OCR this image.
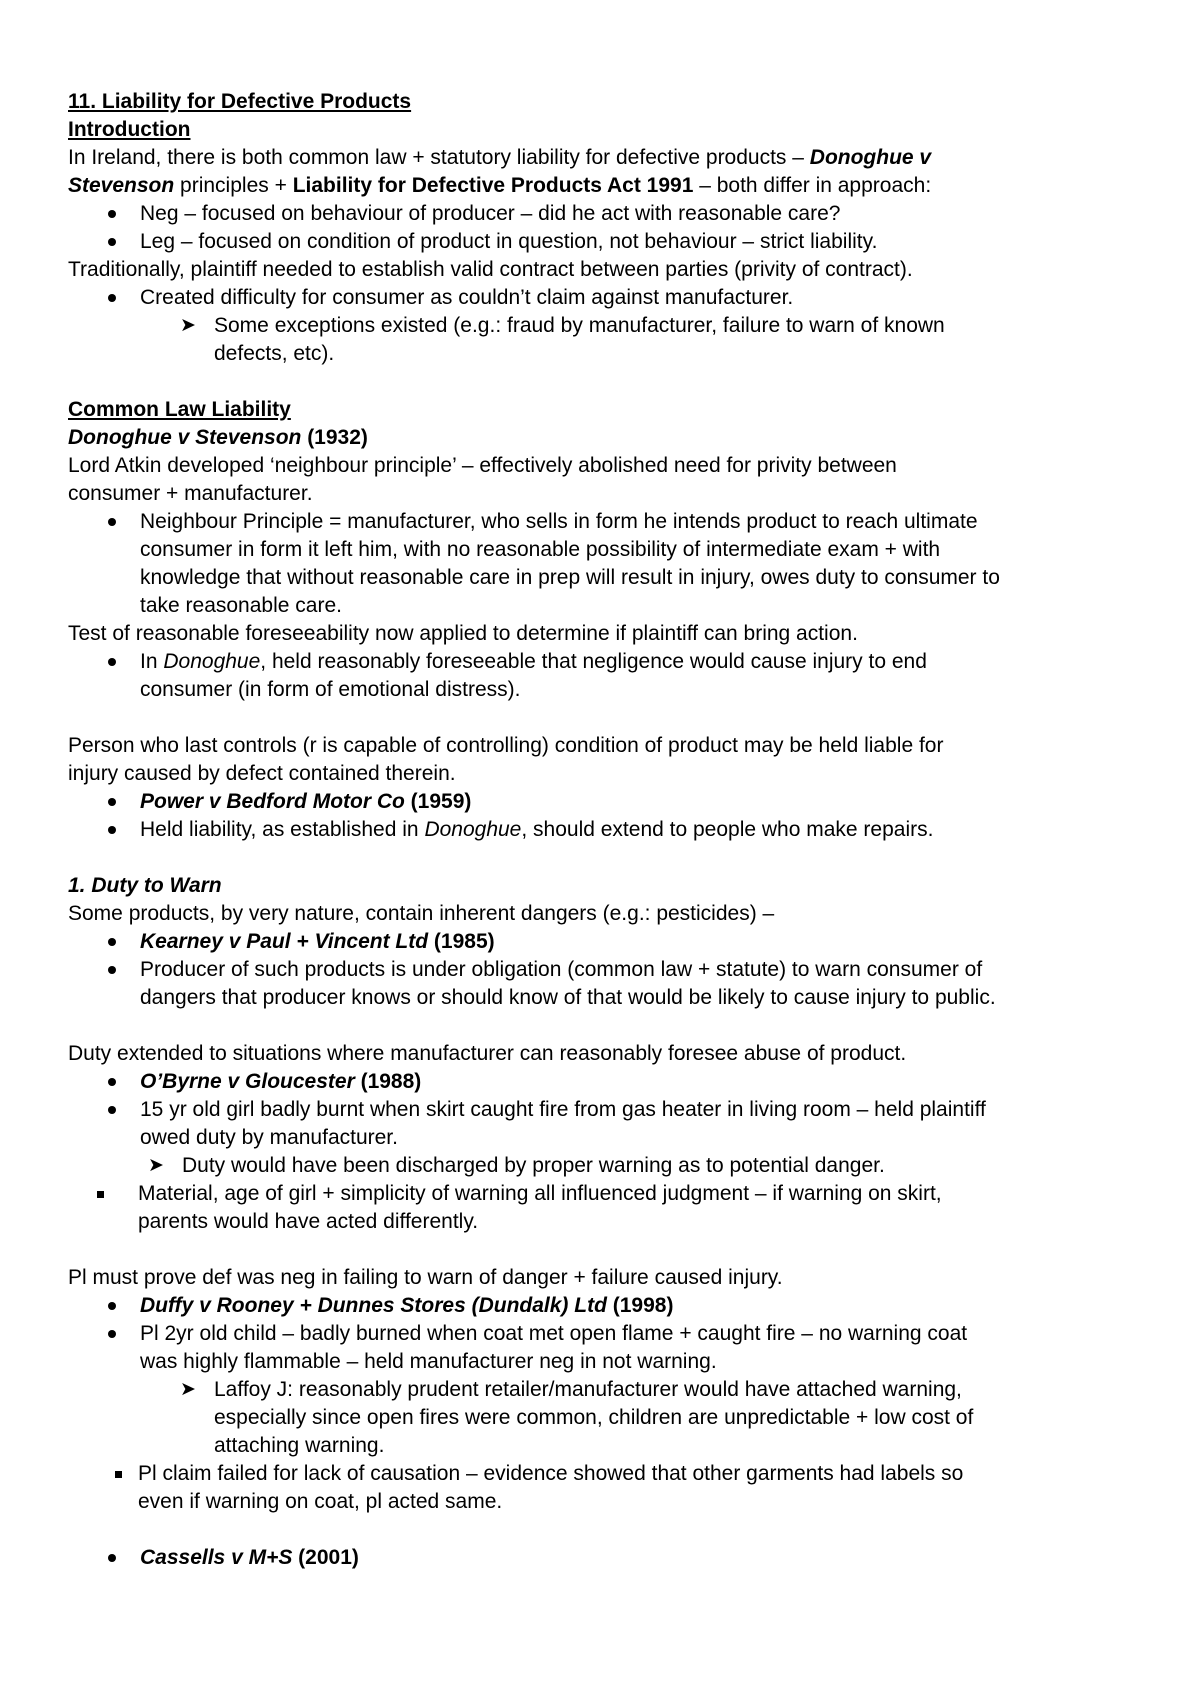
11. Liability for Defective Products

Introduction

In Ireland, there is both common law + statutory liability for defective products – Donoghue v

Stevenson principles + Liability for Defective Products Act 1991 – both differ in approach:

Neg – focused on behaviour of producer – did he act with reasonable care?
Leg – focused on condition of product in question, not behaviour – strict liability.

Traditionally, plaintiff needed to establish valid contract between parties (privity of contract).

Created difficulty for consumer as couldn’t claim against manufacturer.
➤ Some exceptions existed (e.g.: fraud by manufacturer, failure to warn of known
defects, etc).

Common Law Liability

Donoghue v Stevenson (1932)

Lord Atkin developed ‘neighbour principle’ – effectively abolished need for privity between

consumer + manufacturer.

Neighbour Principle = manufacturer, who sells in form he intends product to reach ultimate
consumer in form it left him, with no reasonable possibility of intermediate exam + with
knowledge that without reasonable care in prep will result in injury, owes duty to consumer to
take reasonable care.

Test of reasonable foreseeability now applied to determine if plaintiff can bring action.

In Donoghue, held reasonably foreseeable that negligence would cause injury to end
consumer (in form of emotional distress).

Person who last controls (r is capable of controlling) condition of product may be held liable for

injury caused by defect contained therein.

Power v Bedford Motor Co (1959)
Held liability, as established in Donoghue, should extend to people who make repairs.

1. Duty to Warn

Some products, by very nature, contain inherent dangers (e.g.: pesticides) –

Kearney v Paul + Vincent Ltd (1985)
Producer of such products is under obligation (common law + statute) to warn consumer of
dangers that producer knows or should know of that would be likely to cause injury to public.

Duty extended to situations where manufacturer can reasonably foresee abuse of product.

O’Byrne v Gloucester (1988)
15 yr old girl badly burnt when skirt caught fire from gas heater in living room – held plaintiff
owed duty by manufacturer.
➤ Duty would have been discharged by proper warning as to potential danger.
Material, age of girl + simplicity of warning all influenced judgment – if warning on skirt,
parents would have acted differently.

Pl must prove def was neg in failing to warn of danger + failure caused injury.

Duffy v Rooney + Dunnes Stores (Dundalk) Ltd (1998)
Pl 2yr old child – badly burned when coat met open flame + caught fire – no warning coat
was highly flammable – held manufacturer neg in not warning.
➤ Laffoy J: reasonably prudent retailer/manufacturer would have attached warning,
especially since open fires were common, children are unpredictable + low cost of
attaching warning.
Pl claim failed for lack of causation – evidence showed that other garments had labels so
even if warning on coat, pl acted same.
Cassells v M+S (2001)
